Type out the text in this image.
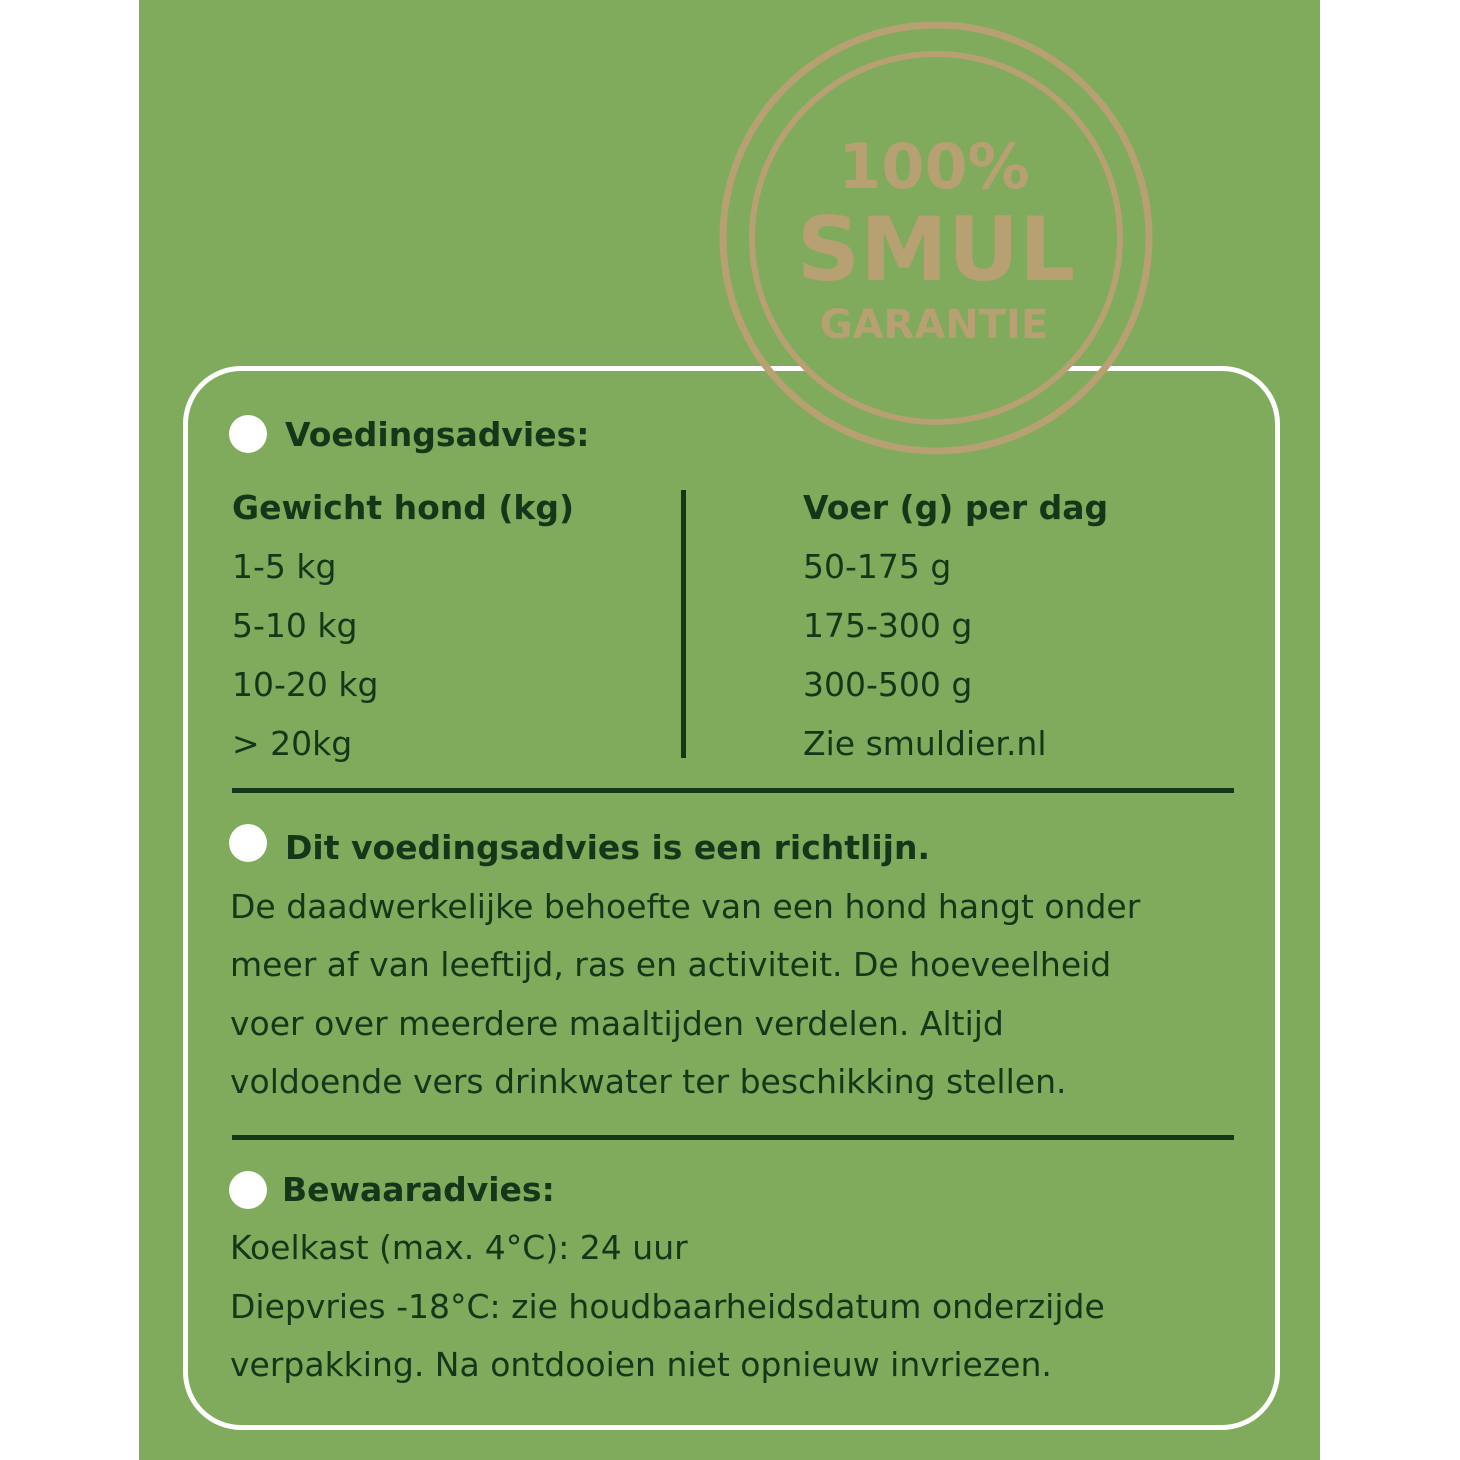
100%
SMUL
GARANTIE
Voedingsadvies:
Gewicht hond (kg)	Voer (g) per dag
1-5 kg	50-175 g
5-10 kg	175-300 g
10-20 kg	300-500 g
> 20kg	Zie smuldier.nl
Dit voedingsadvies is een richtlijn.
De daadwerkelijke behoefte van een hond hangt onder
meer af van leeftijd, ras en activiteit. De hoeveelheid
voer over meerdere maaltijden verdelen. Altijd
voldoende vers drinkwater ter beschikking stellen.
Bewaaradvies:
Koelkast (max. 4°C): 24 uur
Diepvries -18°C: zie houdbaarheidsdatum onderzijde
verpakking. Na ontdooien niet opnieuw invriezen.
